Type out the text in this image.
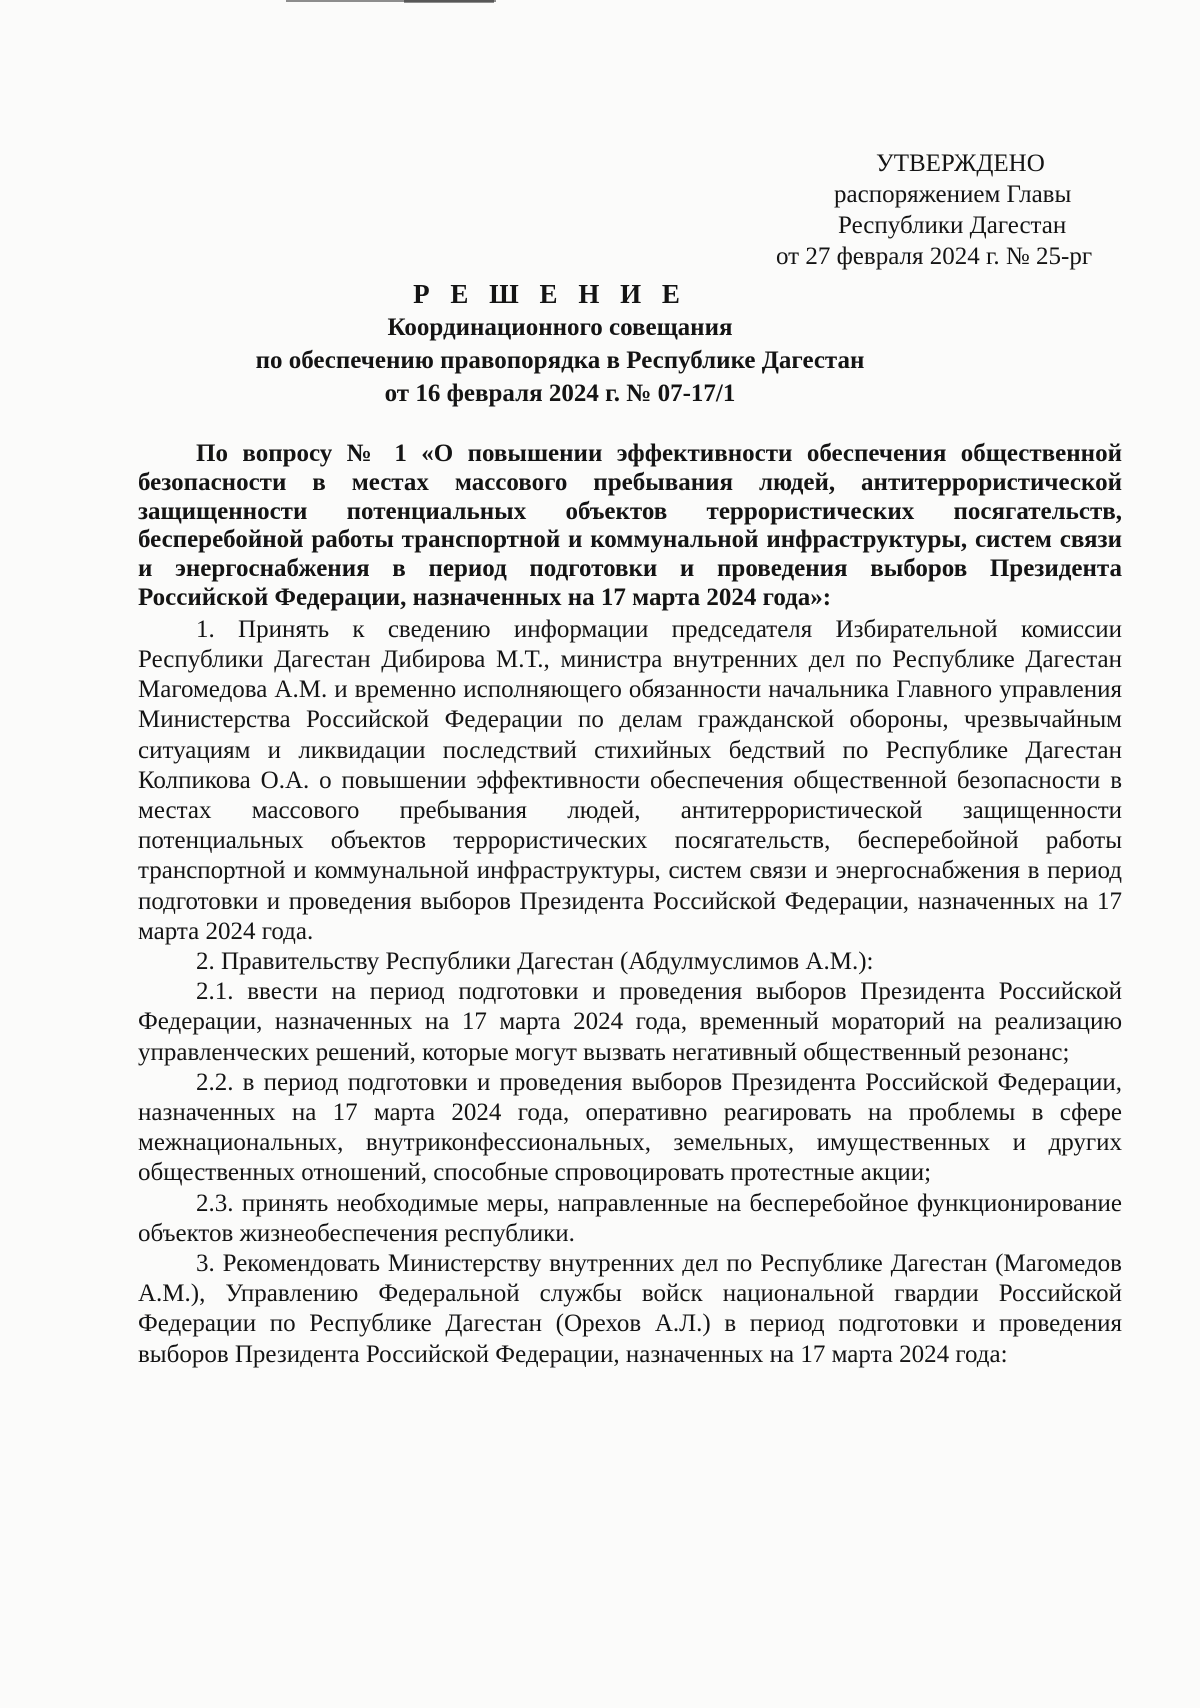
УТВЕРЖДЕНО
распоряжением Главы
Республики Дагестан
от 27 февраля 2024 г. № 25-рг
Р Е Ш Е Н И Е
Координационного совещания
по обеспечению правопорядка в Республике Дагестан
от 16 февраля 2024 г. № 07-17/1

По вопросу № 1 «О повышении эффективности обеспечения общественной безопасности в местах массового пребывания людей, антитеррористической защищенности потенциальных объектов террористических посягательств, бесперебойной работы транспортной и коммунальной инфраструктуры, систем связи и энергоснабжения в период подготовки и проведения выборов Президента Российской Федерации, назначенных на 17 марта 2024 года»:

1. Принять к сведению информации председателя Избирательной комиссии Республики Дагестан Дибирова М.Т., министра внутренних дел по Республике Дагестан Магомедова А.М. и временно исполняющего обязанности начальника Главного управления Министерства Российской Федерации по делам гражданской обороны, чрезвычайным ситуациям и ликвидации последствий стихийных бедствий по Республике Дагестан Колпикова О.А. о повышении эффективности обеспечения общественной безопасности в местах массового пребывания людей, антитеррористической защищенности потенциальных объектов террористических посягательств, бесперебойной работы транспортной и коммунальной инфраструктуры, систем связи и энергоснабжения в период подготовки и проведения выборов Президента Российской Федерации, назначенных на 17 марта 2024 года.

2. Правительству Республики Дагестан (Абдулмуслимов А.М.):

2.1. ввести на период подготовки и проведения выборов Президента Российской Федерации, назначенных на 17 марта 2024 года, временный мораторий на реализацию управленческих решений, которые могут вызвать негативный общественный резонанс;

2.2. в период подготовки и проведения выборов Президента Российской Федерации, назначенных на 17 марта 2024 года, оперативно реагировать на проблемы в сфере межнациональных, внутриконфессиональных, земельных, имущественных и других общественных отношений, способные спровоцировать протестные акции;

2.3. принять необходимые меры, направленные на бесперебойное функционирование объектов жизнеобеспечения республики.

3. Рекомендовать Министерству внутренних дел по Республике Дагестан (Магомедов А.М.), Управлению Федеральной службы войск национальной гвардии Российской Федерации по Республике Дагестан (Орехов А.Л.) в период подготовки и проведения выборов Президента Российской Федерации, назначенных на 17 марта 2024 года:
